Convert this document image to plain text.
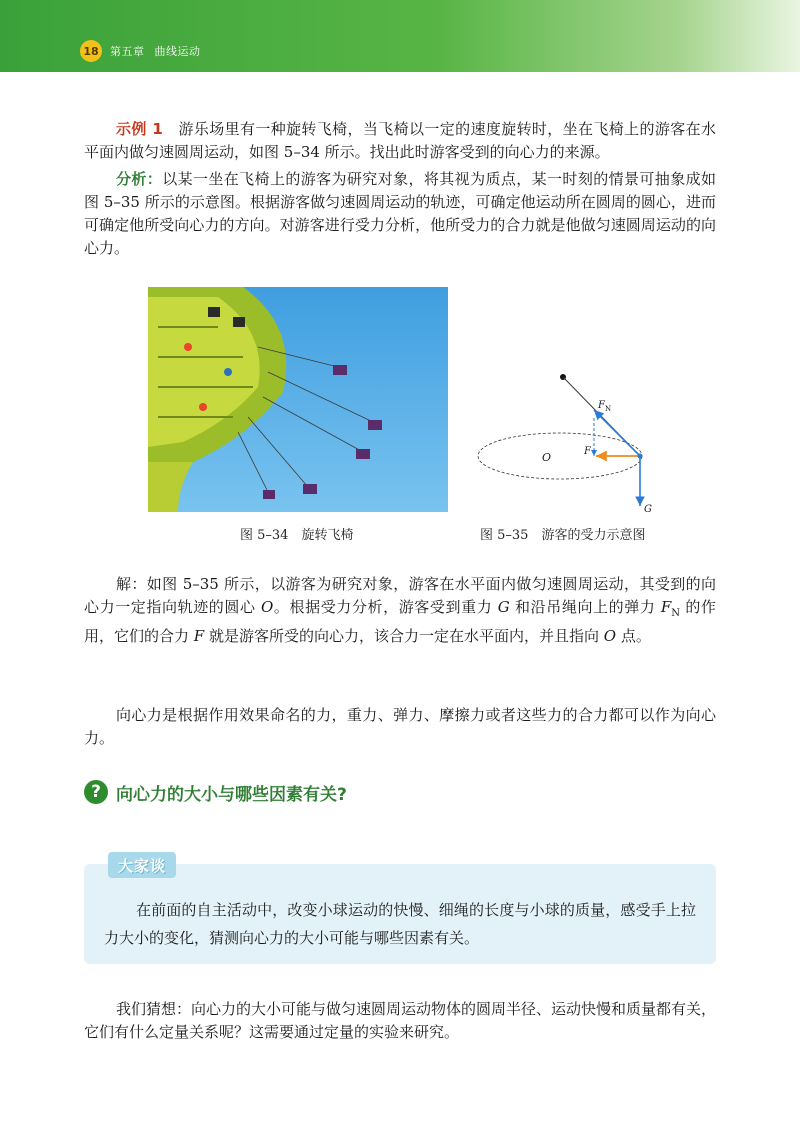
18	第五章 曲线运动
示例 1　 游乐场里有一种旋转飞椅，当飞椅以一定的速度旋转时，坐在飞椅上的游客在水平面内做匀速圆周运动，如图 5–34 所示。找出此时游客受到的向心力的来源。
分析：以某一坐在飞椅上的游客为研究对象，将其视为质点，某一时刻的情景可抽象成如图 5–35 所示的示意图。根据游客做匀速圆周运动的轨迹，可确定他运动所在圆周的圆心，进而可确定他所受向心力的方向。对游客进行受力分析，他所受力的合力就是他做匀速圆周运动的向心力。
图 5–34　旋转飞椅
$F_N$
F
O
G
图 5–35　游客的受力示意图
解：如图 5–35 所示，以游客为研究对象，游客在水平面内做匀速圆周运动，其受到的向心力一定指向轨迹的圆心 O。根据受力分析，游客受到重力 G 和沿吊绳向上的弹力 $F_N$ 的作用，它们的合力 F 就是游客所受的向心力，该合力一定在水平面内，并且指向 O 点。
向心力是根据作用效果命名的力，重力、弹力、摩擦力或者这些力的合力都可以作为向心力。
? 向心力的大小与哪些因素有关?
大家谈
在前面的自主活动中，改变小球运动的快慢、细绳的长度与小球的质量，感受手上拉力大小的变化，猜测向心力的大小可能与哪些因素有关。
我们猜想：向心力的大小可能与做匀速圆周运动物体的圆周半径、运动快慢和质量都有关，它们有什么定量关系呢？这需要通过定量的实验来研究。
